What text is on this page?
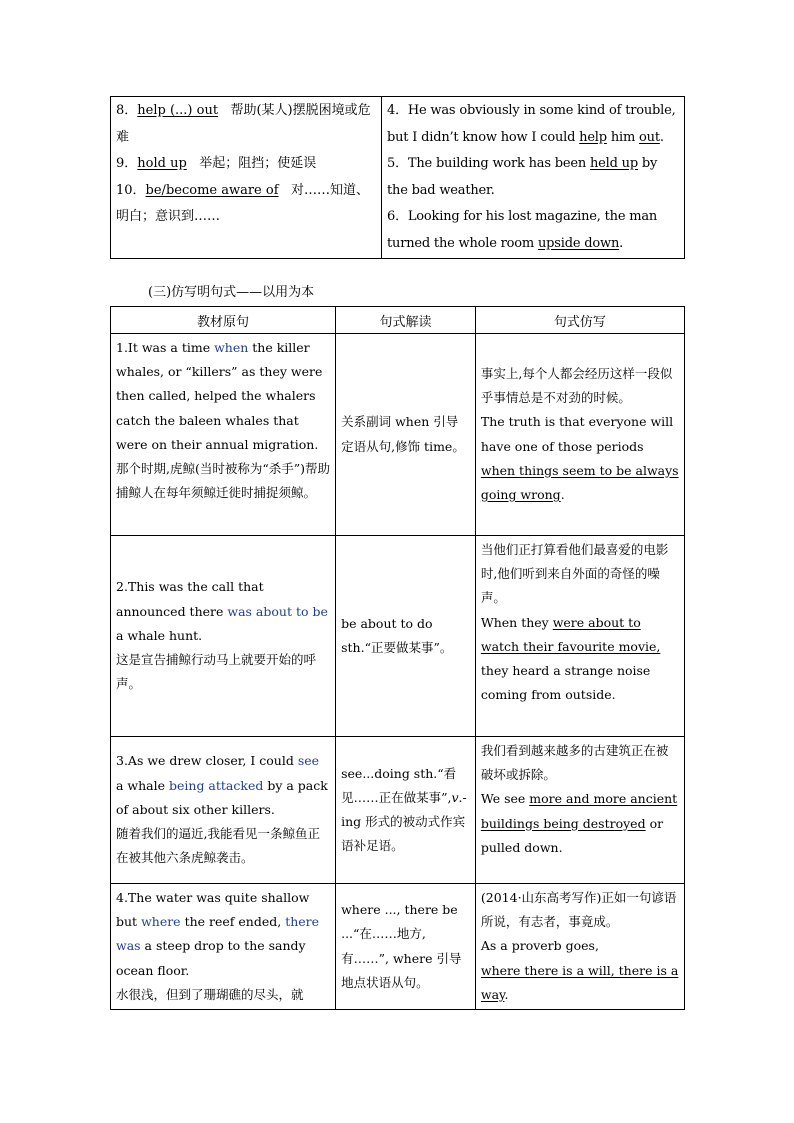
8．help (...) out 帮助(某人)摆脱困境或危难
9．hold up 举起；阻挡；使延误
10．be/become aware of 对……知道、明白；意识到……

4．He was obviously in some kind of trouble, but I didn’t know how I could help him out.
5．The building work has been held up by the bad weather.
6．Looking for his lost magazine, the man turned the whole room upside down.
(三)仿写明句式——以用为本
教材原句	句式解读	句式仿写
1.It was a time when the killer whales, or “killers” as they were then called, helped the whalers catch the baleen whales that were on their annual migration.
那个时期,虎鲸(当时被称为“杀手”)帮助捕鲸人在每年须鲸迁徙时捕捉须鲸。	关系副词 when 引导定语从句,修饰 time。	事实上,每个人都会经历这样一段似乎事情总是不对劲的时候。
The truth is that everyone will have one of those periods when things seem to be always going wrong.
2.This was the call that announced there was about to be a whale hunt.
这是宣告捕鲸行动马上就要开始的呼声。	be about to do sth.“正要做某事”。	当他们正打算看他们最喜爱的电影时,他们听到来自外面的奇怪的噪声。
When they were about to watch their favourite movie, they heard a strange noise coming from outside.
3.As we drew closer, I could see a whale being attacked by a pack of about six other killers.
随着我们的逼近,我能看见一条鲸鱼正在被其他六条虎鲸袭击。	see...doing sth.“看见……正在做某事”,v.-ing 形式的被动式作宾语补足语。	我们看到越来越多的古建筑正在被破坏或拆除。
We see more and more ancient buildings being destroyed or pulled down.
4.The water was quite shallow but where the reef ended, there was a steep drop to the sandy ocean floor.
水很浅，但到了珊瑚礁的尽头，就	where ..., there be ...“在……地方,有……”, where 引导地点状语从句。	(2014·山东高考写作)正如一句谚语所说，有志者，事竟成。
As a proverb goes,
where there is a will, there is a way.
